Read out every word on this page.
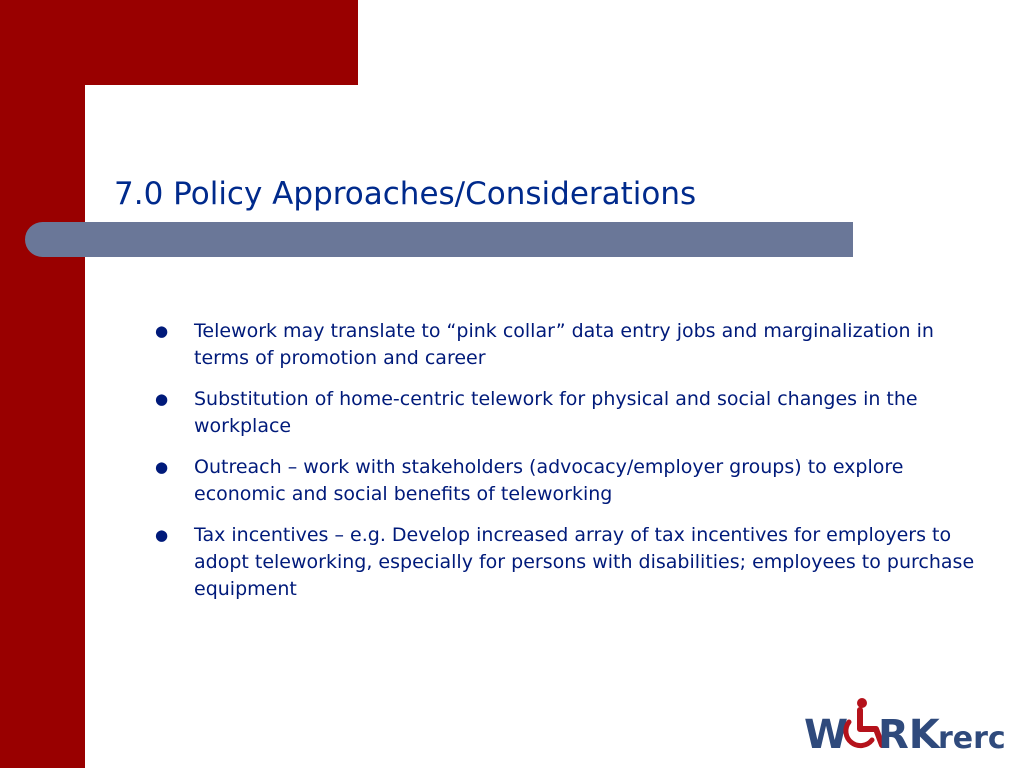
7.0 Policy Approaches/Considerations
●	Telework may translate to “pink collar” data entry jobs and marginalization in terms of promotion and career
●	Substitution of home-centric telework for physical and social changes in the workplace
●	Outreach – work with stakeholders (advocacy/employer groups) to explore economic and social benefits of teleworking
●	Tax incentives – e.g. Develop increased array of tax incentives for employers to adopt teleworking, especially for persons with disabilities; employees to purchase equipment
W RK
rerc
